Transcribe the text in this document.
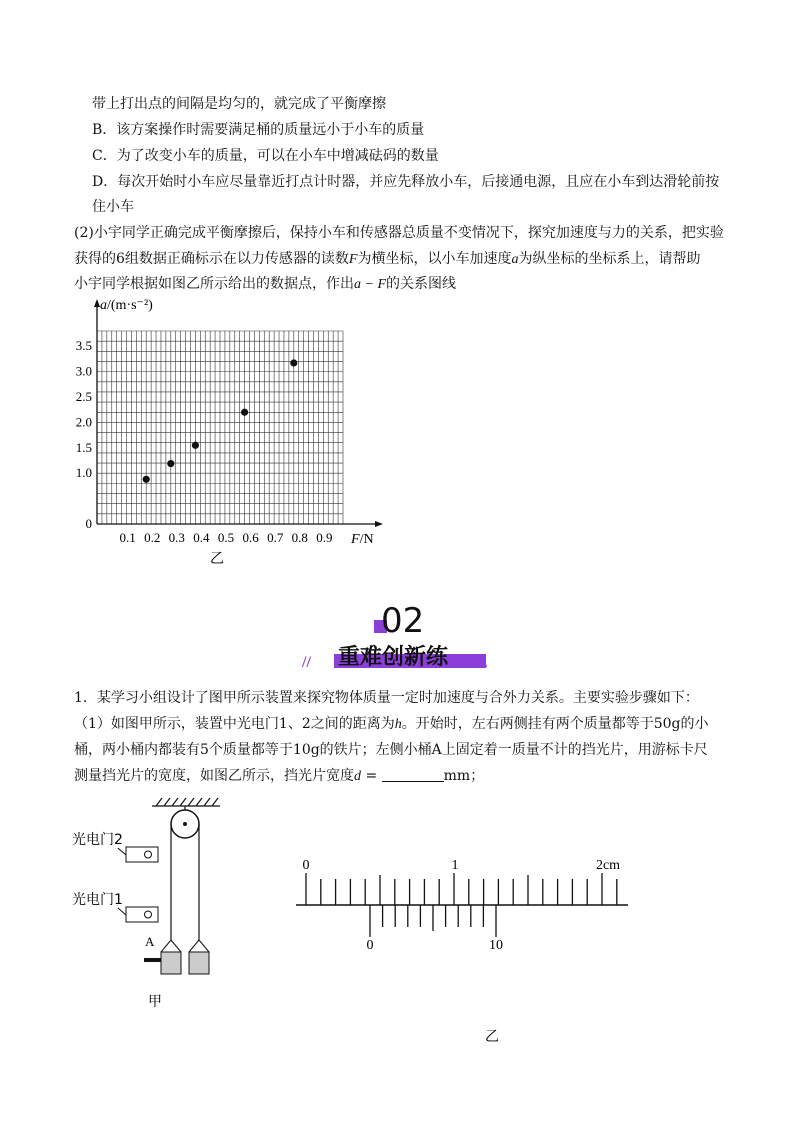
带上打出点的间隔是均匀的，就完成了平衡摩擦
B．该方案操作时需要满足桶的质量远小于小车的质量
C．为了改变小车的质量，可以在小车中增减砝码的数量
D．每次开始时小车应尽量靠近打点计时器，并应先释放小车，后接通电源，且应在小车到达滑轮前按
住小车
(2)小宇同学正确完成平衡摩擦后，保持小车和传感器总质量不变情况下，探究加速度与力的关系，把实验
获得的6组数据正确标示在以力传感器的读数F为横坐标，以小车加速度a为纵坐标的坐标系上，请帮助
小宇同学根据如图乙所示给出的数据点，作出a − F的关系图线
0.1 0.2 0.3 0.4 0.5 0.6 0.7 0.8 0.9
0
1.0
1.5
2.0
2.5
3.0
3.5
a/(m·s⁻²)
F/N
乙
02
//	\\
重难创新练
1．某学习小组设计了图甲所示装置来探究物体质量一定时加速度与合外力关系。主要实验步骤如下：
（1）如图甲所示，装置中光电门1、2之间的距离为h。开始时，左右两侧挂有两个质量都等于50g的小
桶，两小桶内都装有5个质量都等于10g的铁片；左侧小桶A上固定着一质量不计的挡光片，用游标卡尺
测量挡光片的宽度，如图乙所示，挡光片宽度d =	mm；
光电门2
光电门1
A
甲
0	1	2cm
0	10
乙
